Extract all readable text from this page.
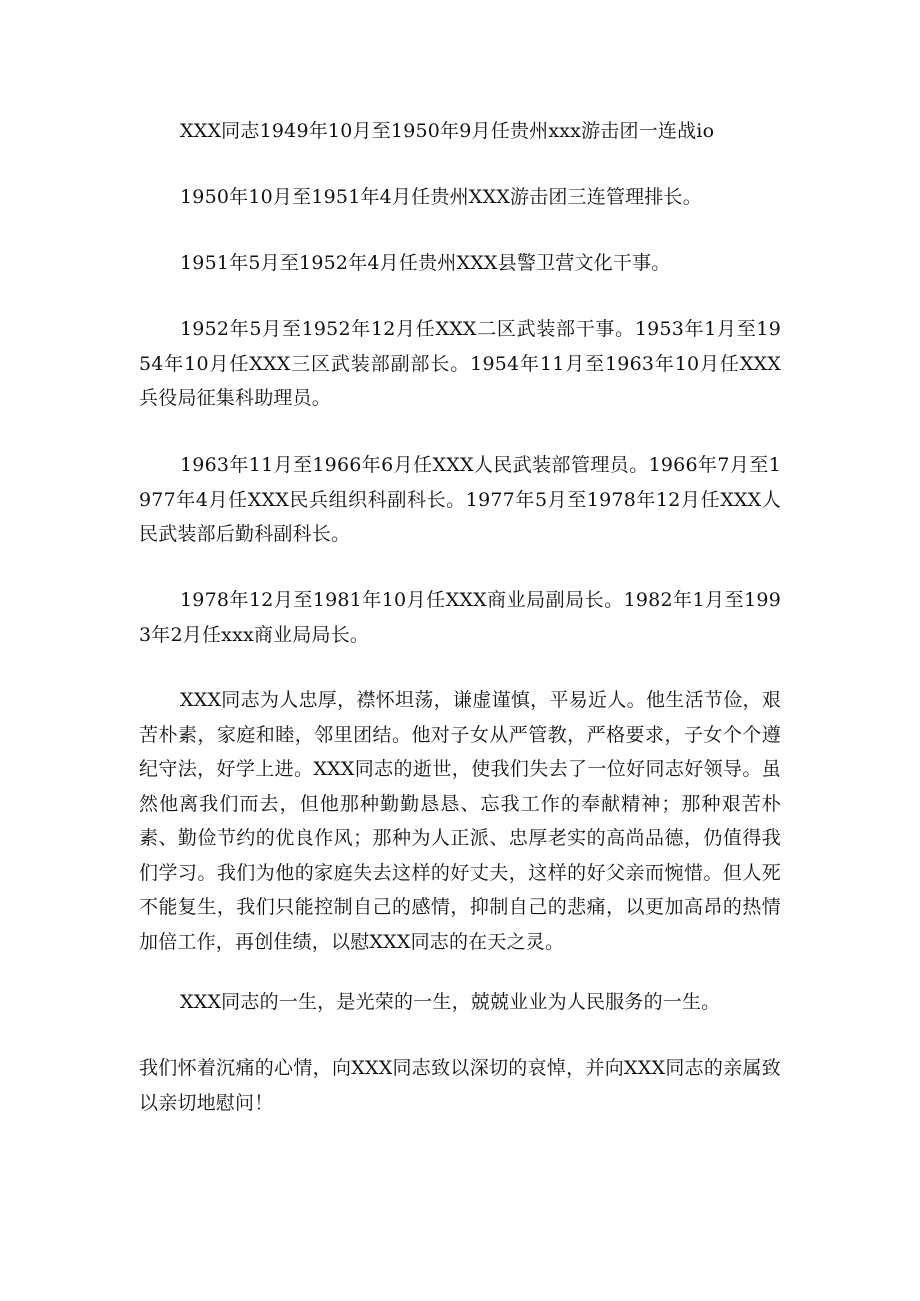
XXX同志1949年10月至1950年9月任贵州xxx游击团一连战io

1950年10月至1951年4月任贵州XXX游击团三连管理排长。

1951年5月至1952年4月任贵州XXX县警卫营文化干事。

1952年5月至1952年12月任XXX二区武装部干事。1953年1月至1954年10月任XXX三区武装部副部长。1954年11月至1963年10月任XXX兵役局征集科助理员。

1963年11月至1966年6月任XXX人民武装部管理员。1966年7月至1977年4月任XXX民兵组织科副科长。1977年5月至1978年12月任XXX人民武装部后勤科副科长。

1978年12月至1981年10月任XXX商业局副局长。1982年1月至1993年2月任xxx商业局局长。

XXX同志为人忠厚，襟怀坦荡，谦虚谨慎，平易近人。他生活节俭，艰苦朴素，家庭和睦，邻里团结。他对子女从严管教，严格要求，子女个个遵纪守法，好学上进。XXX同志的逝世，使我们失去了一位好同志好领导。虽然他离我们而去，但他那种勤勤恳恳、忘我工作的奉献精神；那种艰苦朴素、勤俭节约的优良作风；那种为人正派、忠厚老实的高尚品德，仍值得我们学习。我们为他的家庭失去这样的好丈夫，这样的好父亲而惋惜。但人死不能复生，我们只能控制自己的感情，抑制自己的悲痛，以更加高昂的热情加倍工作，再创佳绩，以慰XXX同志的在天之灵。

XXX同志的一生，是光荣的一生，兢兢业业为人民服务的一生。

我们怀着沉痛的心情，向XXX同志致以深切的哀悼，并向XXX同志的亲属致以亲切地慰问！
